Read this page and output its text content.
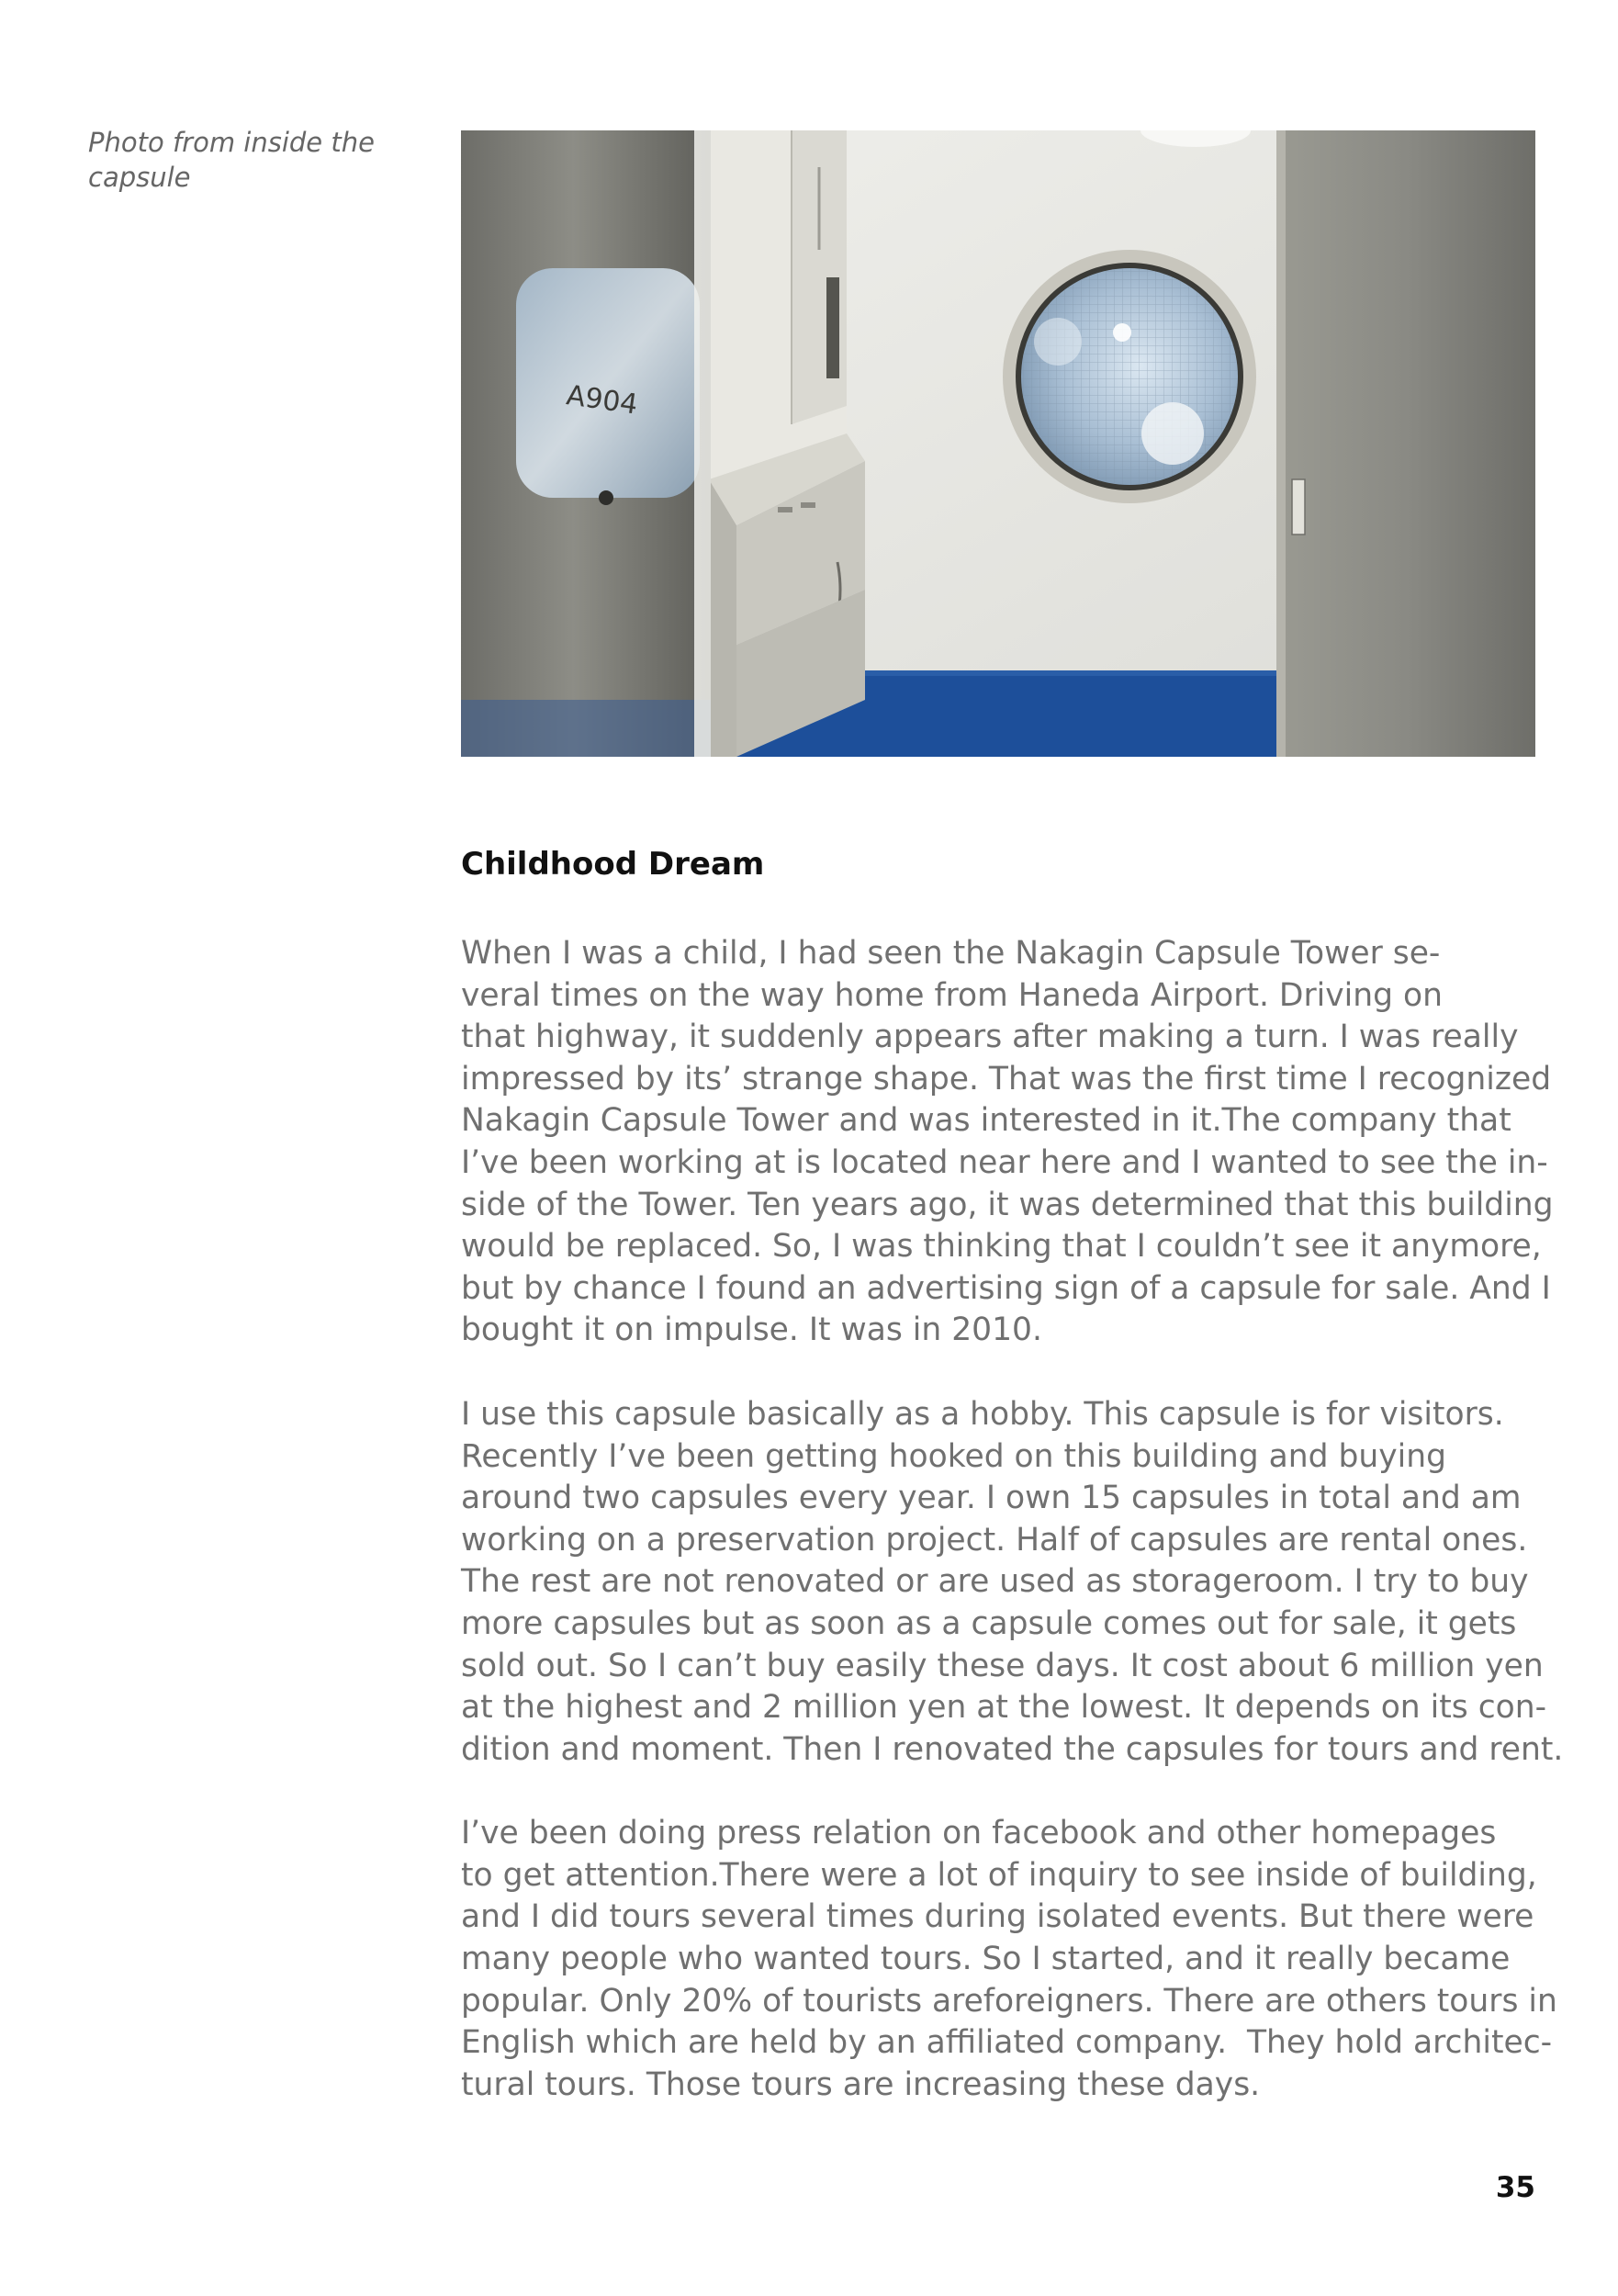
Photo from inside the capsule
A904
Childhood Dream
When I was a child, I had seen the Nakagin Capsule Tower se-
veral times on the way home from Haneda Airport. Driving on
that highway, it suddenly appears after making a turn. I was really
impressed by its’ strange shape. That was the first time I recognized
Nakagin Capsule Tower and was interested in it.The company that
I’ve been working at is located near here and I wanted to see the in-
side of the Tower. Ten years ago, it was determined that this building
would be replaced. So, I was thinking that I couldn’t see it anymore,
but by chance I found an advertising sign of a capsule for sale. And I
bought it on impulse. It was in 2010.
I use this capsule basically as a hobby. This capsule is for visitors.
Recently I’ve been getting hooked on this building and buying
around two capsules every year. I own 15 capsules in total and am
working on a preservation project. Half of capsules are rental ones.
The rest are not renovated or are used as storageroom. I try to buy
more capsules but as soon as a capsule comes out for sale, it gets
sold out. So I can’t buy easily these days. It cost about 6 million yen
at the highest and 2 million yen at the lowest. It depends on its con-
dition and moment. Then I renovated the capsules for tours and rent.
I’ve been doing press relation on facebook and other homepages
to get attention.There were a lot of inquiry to see inside of building,
and I did tours several times during isolated events. But there were
many people who wanted tours. So I started, and it really became
popular. Only 20% of tourists areforeigners. There are others tours in
English which are held by an affiliated company.  They hold architec-
tural tours. Those tours are increasing these days.
35
